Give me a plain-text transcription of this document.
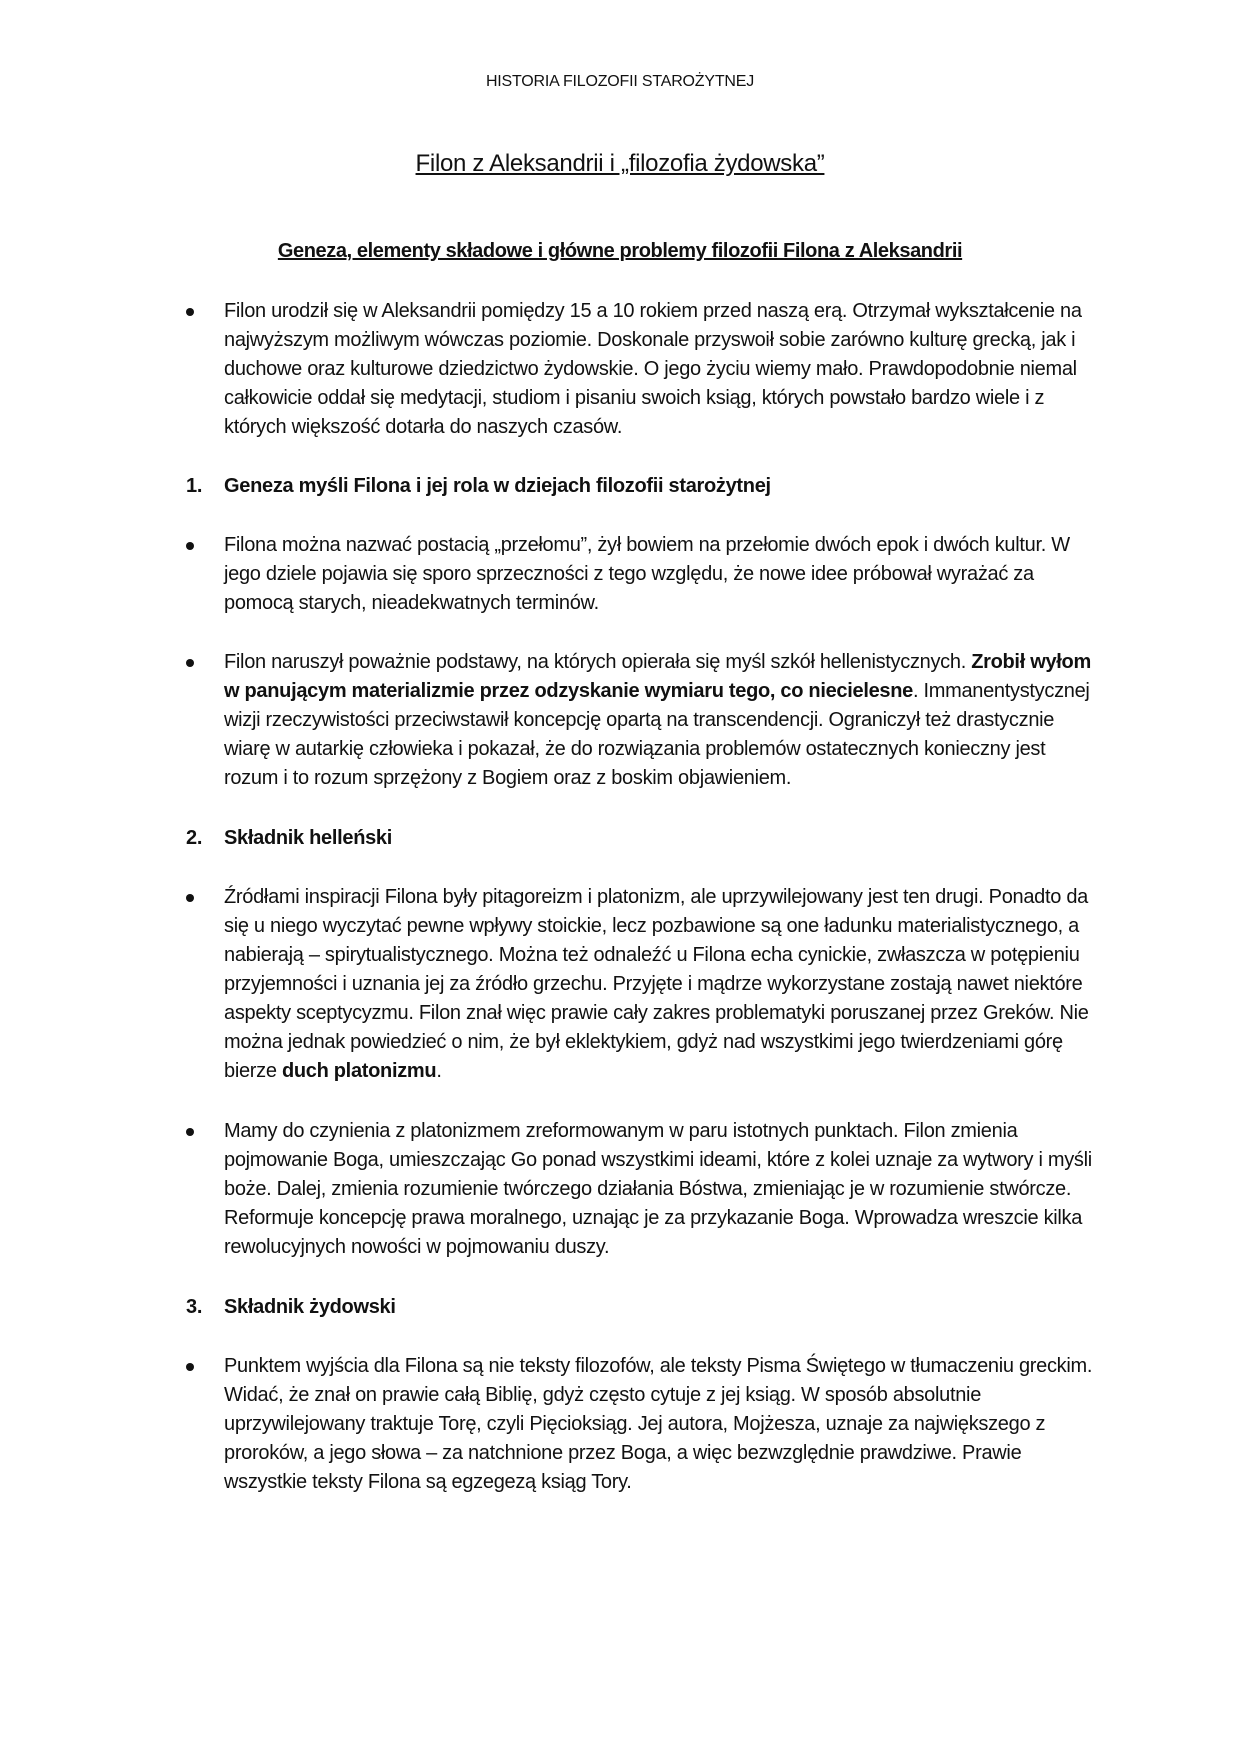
HISTORIA FILOZOFII STAROŻYTNEJ
Filon z Aleksandrii i „filozofia żydowska”
Geneza, elementy składowe i główne problemy filozofii Filona z Aleksandrii
Filon urodził się w Aleksandrii pomiędzy 15 a 10 rokiem przed naszą erą. Otrzymał wykształcenie na najwyższym możliwym wówczas poziomie. Doskonale przyswoił sobie zarówno kulturę grecką, jak i duchowe oraz kulturowe dziedzictwo żydowskie. O jego życiu wiemy mało. Prawdopodobnie niemal całkowicie oddał się medytacji, studiom i pisaniu swoich ksiąg, których powstało bardzo wiele i z których większość dotarła do naszych czasów.
1. Geneza myśli Filona i jej rola w dziejach filozofii starożytnej
Filona można nazwać postacią „przełomu”, żył bowiem na przełomie dwóch epok i dwóch kultur. W jego dziele pojawia się sporo sprzeczności z tego względu, że nowe idee próbował wyrażać za pomocą starych, nieadekwatnych terminów.
Filon naruszył poważnie podstawy, na których opierała się myśl szkół hellenistycznych. Zrobił wyłom w panującym materializmie przez odzyskanie wymiaru tego, co niecielesne. Immanentystycznej wizji rzeczywistości przeciwstawił koncepcję opartą na transcendencji. Ograniczył też drastycznie wiarę w autarkię człowieka i pokazał, że do rozwiązania problemów ostatecznych konieczny jest rozum i to rozum sprzężony z Bogiem oraz z boskim objawieniem.
2. Składnik helleński
Źródłami inspiracji Filona były pitagoreizm i platonizm, ale uprzywilejowany jest ten drugi. Ponadto da się u niego wyczytać pewne wpływy stoickie, lecz pozbawione są one ładunku materialistycznego, a nabierają – spirytualistycznego. Można też odnaleźć u Filona echa cynickie, zwłaszcza w potępieniu przyjemności i uznania jej za źródło grzechu. Przyjęte i mądrze wykorzystane zostają nawet niektóre aspekty sceptycyzmu. Filon znał więc prawie cały zakres problematyki poruszanej przez Greków. Nie można jednak powiedzieć o nim, że był eklektykiem, gdyż nad wszystkimi jego twierdzeniami górę bierze duch platonizmu.
Mamy do czynienia z platonizmem zreformowanym w paru istotnych punktach. Filon zmienia pojmowanie Boga, umieszczając Go ponad wszystkimi ideami, które z kolei uznaje za wytwory i myśli boże. Dalej, zmienia rozumienie twórczego działania Bóstwa, zmieniając je w rozumienie stwórcze. Reformuje koncepcję prawa moralnego, uznając je za przykazanie Boga. Wprowadza wreszcie kilka rewolucyjnych nowości w pojmowaniu duszy.
3. Składnik żydowski
Punktem wyjścia dla Filona są nie teksty filozofów, ale teksty Pisma Świętego w tłumaczeniu greckim. Widać, że znał on prawie całą Biblię, gdyż często cytuje z jej ksiąg. W sposób absolutnie uprzywilejowany traktuje Torę, czyli Pięcioksiąg. Jej autora, Mojżesza, uznaje za największego z proroków, a jego słowa – za natchnione przez Boga, a więc bezwzględnie prawdziwe. Prawie wszystkie teksty Filona są egzegezą ksiąg Tory.
